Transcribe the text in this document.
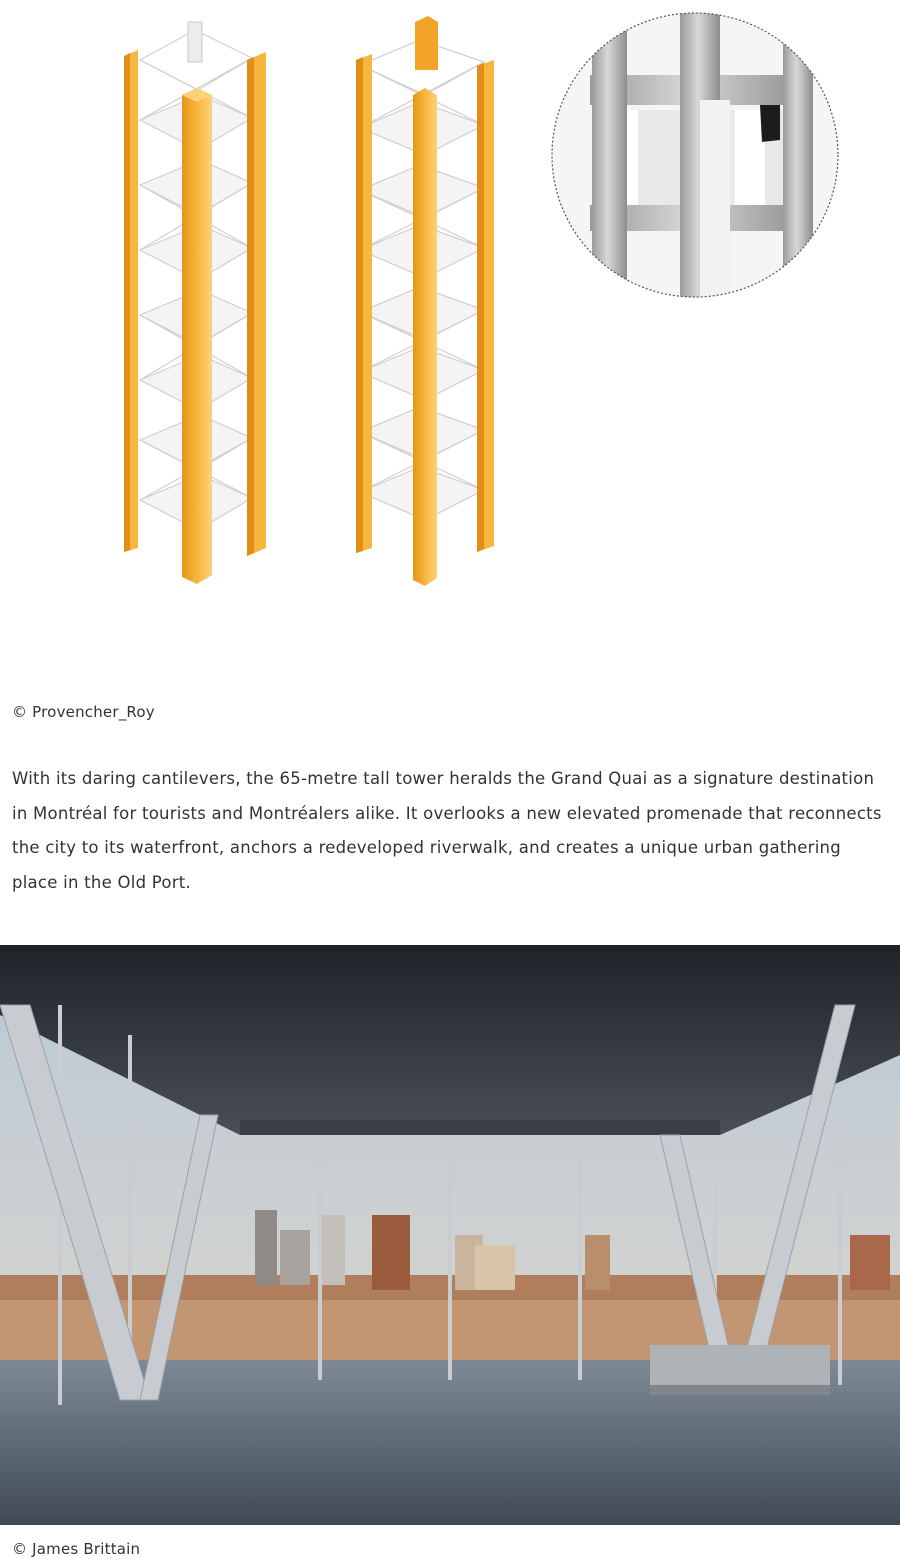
© Provencher_Roy
With its daring cantilevers, the 65-metre tall tower heralds the Grand Quai as a signature destination in Montréal for tourists and Montréalers alike. It overlooks a new elevated promenade that reconnects the city to its waterfront, anchors a redeveloped riverwalk, and creates a unique urban gathering place in the Old Port.
© James Brittain
